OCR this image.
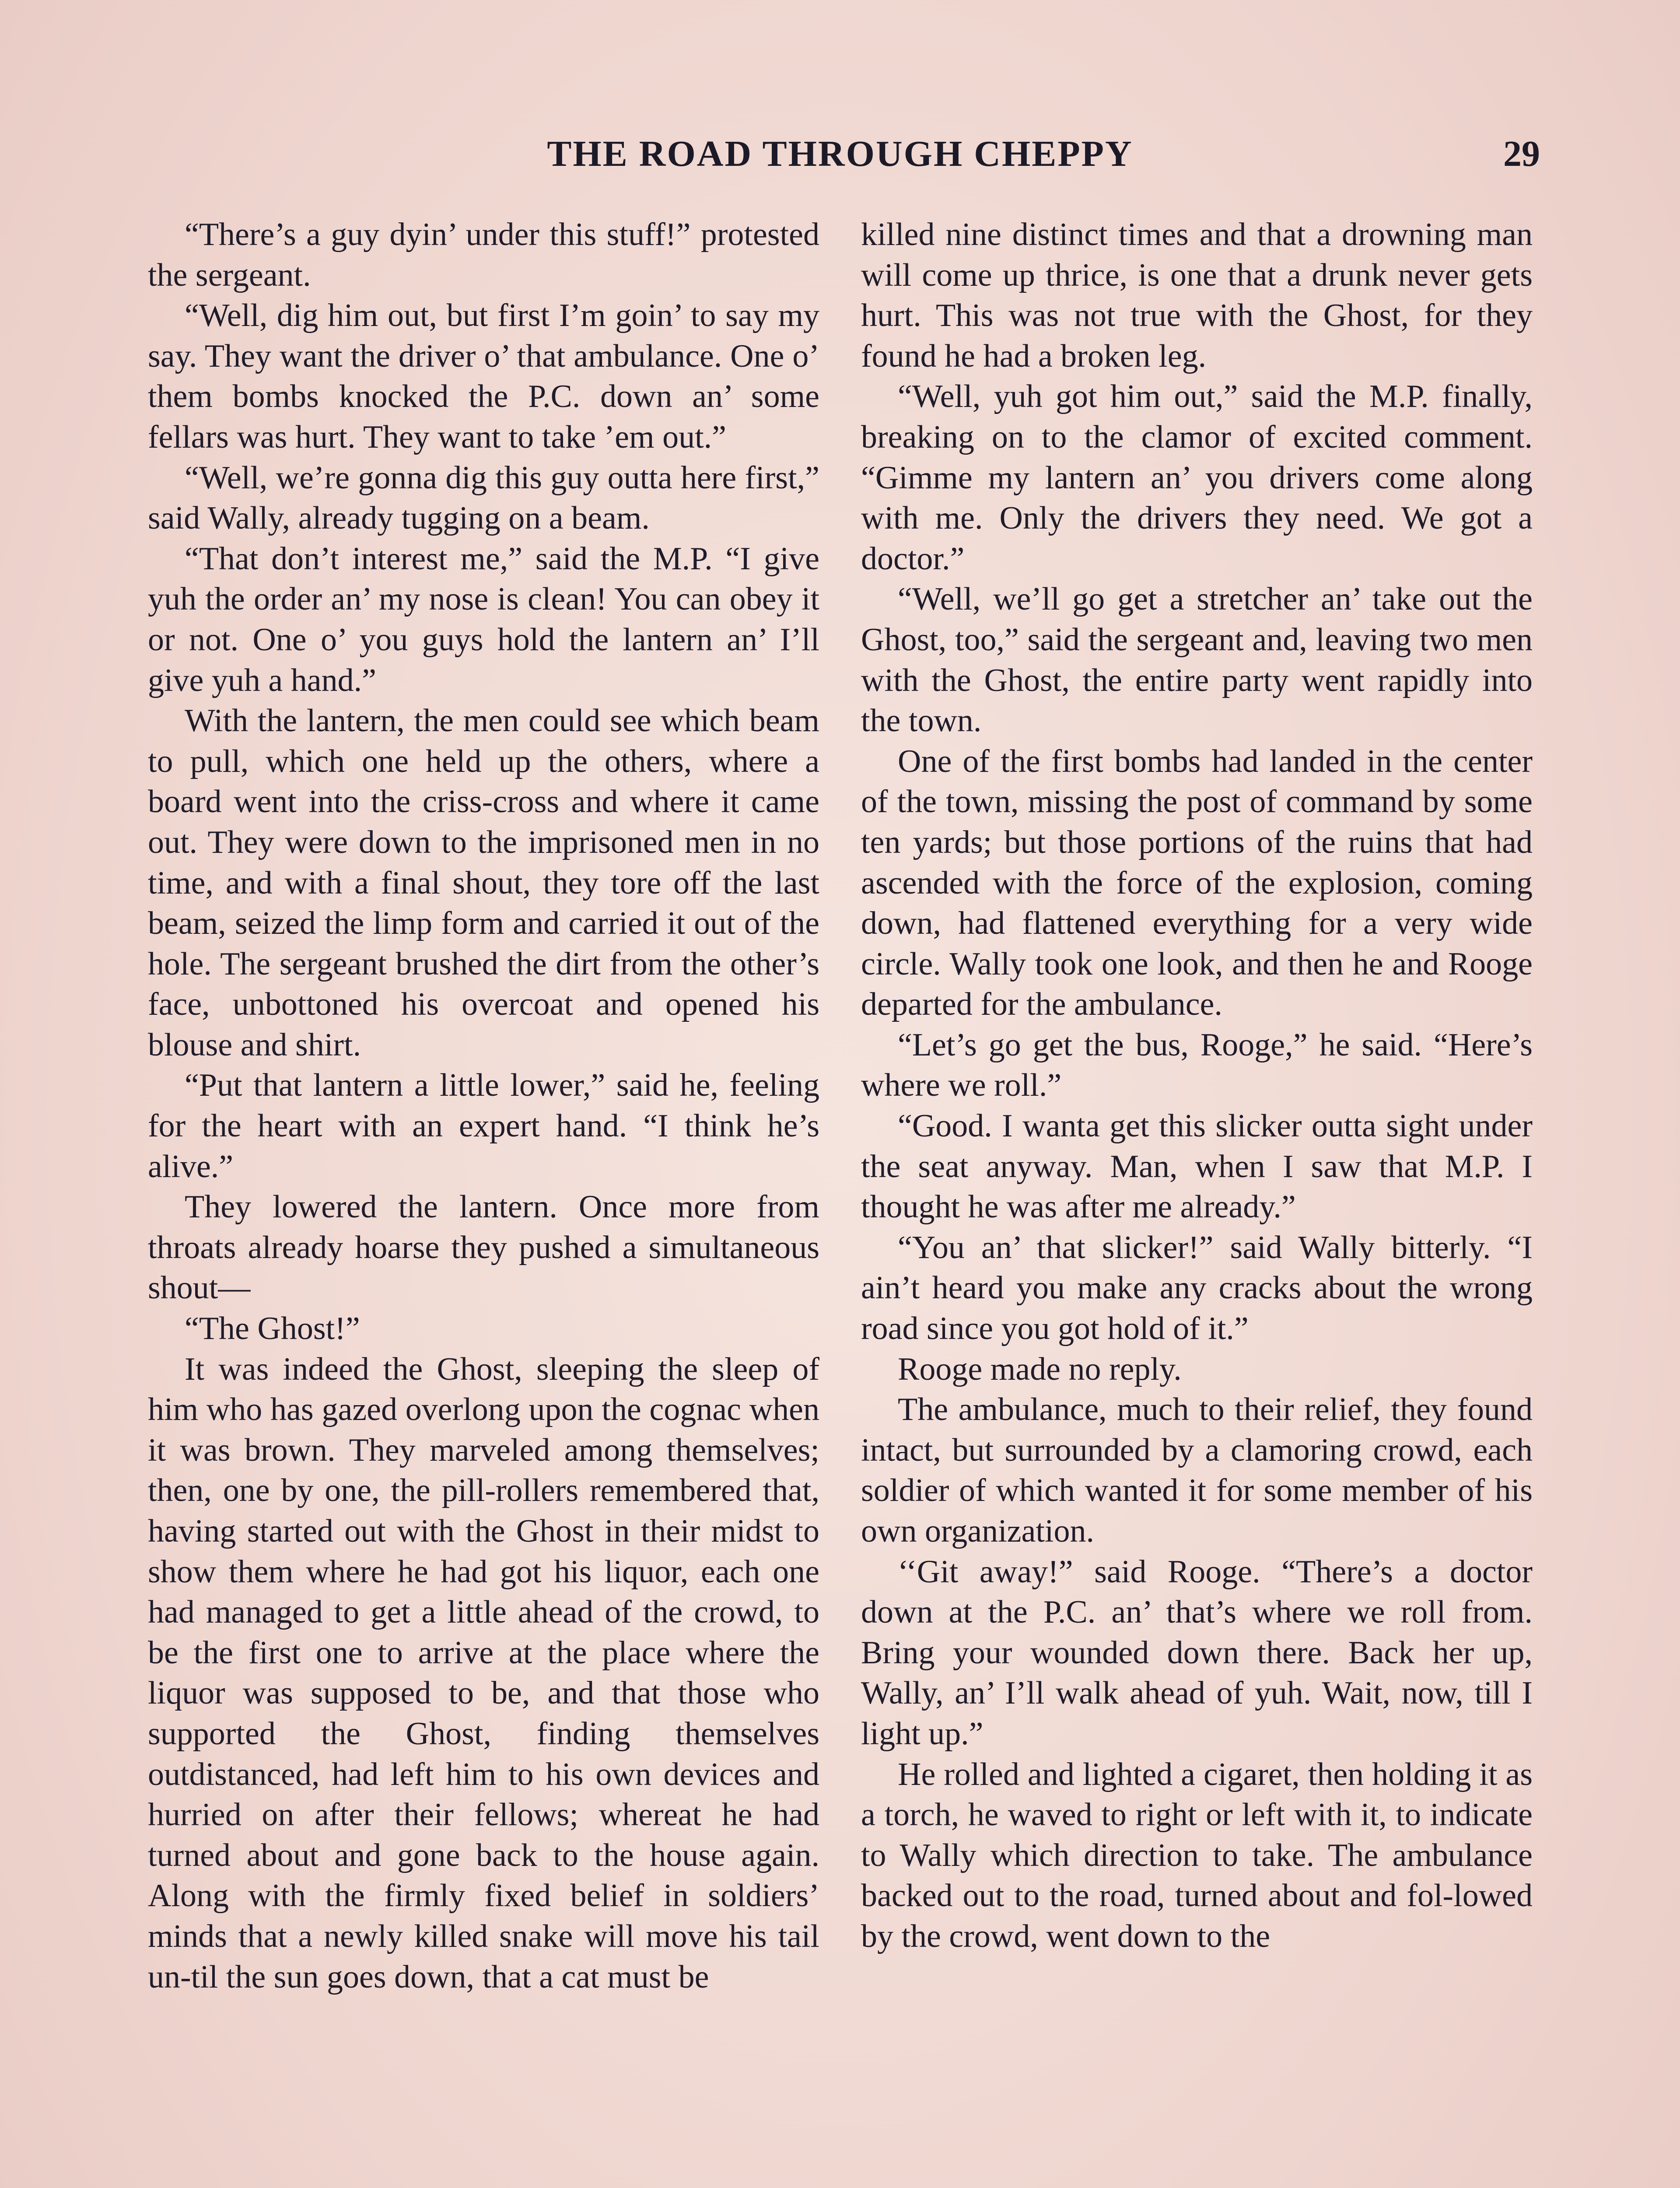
THE ROAD THROUGH CHEPPY	29

“There’s a guy dyin’ under this stuff!” protested the sergeant.

“Well, dig him out, but first I’m goin’ to say my say. They want the driver o’ that ambulance. One o’ them bombs knocked the P.C. down an’ some fellars was hurt. They want to take ’em out.”

“Well, we’re gonna dig this guy outta here first,” said Wally, already tugging on a beam.

“That don’t interest me,” said the M.P. “I give yuh the order an’ my nose is clean! You can obey it or not. One o’ you guys hold the lantern an’ I’ll give yuh a hand.”

With the lantern, the men could see which beam to pull, which one held up the others, where a board went into the criss-cross and where it came out. They were down to the imprisoned men in no time, and with a final shout, they tore off the last beam, seized the limp form and carried it out of the hole. The sergeant brushed the dirt from the other’s face, unbottoned his overcoat and opened his blouse and shirt.

“Put that lantern a little lower,” said he, feeling for the heart with an expert hand. “I think he’s alive.”

They lowered the lantern. Once more from throats already hoarse they pushed a simultaneous shout—

“The Ghost!”

It was indeed the Ghost, sleeping the sleep of him who has gazed overlong upon the cognac when it was brown. They marveled among themselves; then, one by one, the pill-rollers remembered that, having started out with the Ghost in their midst to show them where he had got his liquor, each one had managed to get a little ahead of the crowd, to be the first one to arrive at the place where the liquor was supposed to be, and that those who supported the Ghost, finding themselves outdistanced, had left him to his own devices and hurried on after their fellows; whereat he had turned about and gone back to the house again. Along with the firmly fixed belief in soldiers’ minds that a newly killed snake will move his tail un-til the sun goes down, that a cat must be

killed nine distinct times and that a drowning man will come up thrice, is one that a drunk never gets hurt. This was not true with the Ghost, for they found he had a broken leg.

“Well, yuh got him out,” said the M.P. finally, breaking on to the clamor of excited comment. “Gimme my lantern an’ you drivers come along with me. Only the drivers they need. We got a doctor.”

“Well, we’ll go get a stretcher an’ take out the Ghost, too,” said the sergeant and, leaving two men with the Ghost, the entire party went rapidly into the town.

One of the first bombs had landed in the center of the town, missing the post of command by some ten yards; but those portions of the ruins that had ascended with the force of the explosion, coming down, had flattened everything for a very wide circle. Wally took one look, and then he and Rooge departed for the ambulance.

“Let’s go get the bus, Rooge,” he said. “Here’s where we roll.”

“Good. I wanta get this slicker outta sight under the seat anyway. Man, when I saw that M.P. I thought he was after me already.”

“You an’ that slicker!” said Wally bitterly. “I ain’t heard you make any cracks about the wrong road since you got hold of it.”

Rooge made no reply.

The ambulance, much to their relief, they found intact, but surrounded by a clamoring crowd, each soldier of which wanted it for some member of his own organization.

‘‘Git away!” said Rooge. “There’s a doctor down at the P.C. an’ that’s where we roll from. Bring your wounded down there. Back her up, Wally, an’ I’ll walk ahead of yuh. Wait, now, till I light up.”

He rolled and lighted a cigaret, then holding it as a torch, he waved to right or left with it, to indicate to Wally which direction to take. The ambulance backed out to the road, turned about and fol-lowed by the crowd, went down to the
